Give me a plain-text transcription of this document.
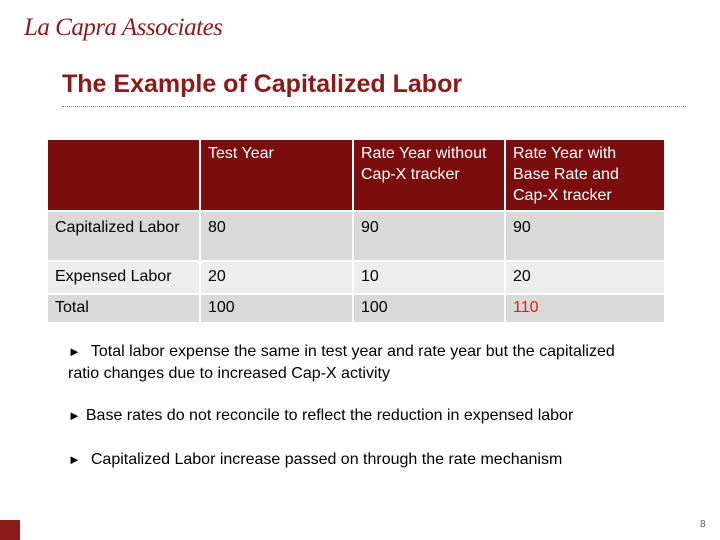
La Capra Associates
The Example of Capitalized Labor
	Test Year	Rate Year without Cap-X tracker	Rate Year with Base Rate and Cap-X tracker
Capitalized Labor	80	90	90
Expensed Labor	20	10	20
Total	100	100	110
► Total labor expense the same in test year and rate year but the capitalized ratio changes due to increased Cap-X activity
► Base rates do not reconcile to reflect the reduction in expensed labor
► Capitalized Labor increase passed on through the rate mechanism
8
